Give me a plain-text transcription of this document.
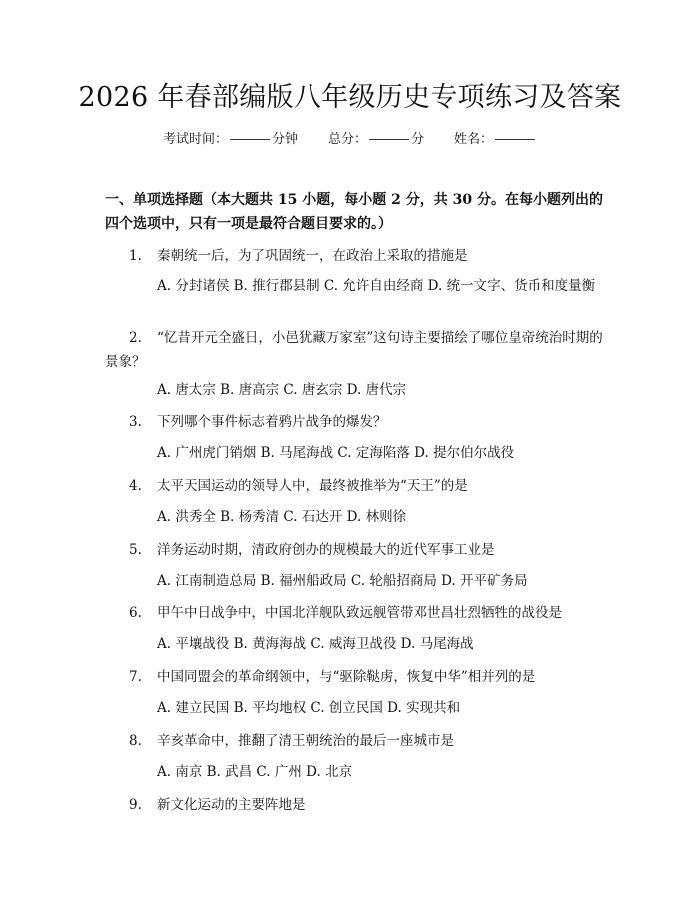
2026 年春部编版八年级历史专项练习及答案
考试时间：	分钟 总分：	分 姓名：
一、单项选择题（本大题共 15 小题，每小题 2 分，共 30 分。在每小题列出的四个选项中，只有一项是最符合题目要求的。）
1. 秦朝统一后，为了巩固统一，在政治上采取的措施是
A. 分封诸侯 B. 推行郡县制 C. 允许自由经商 D. 统一文字、货币和度量衡
2. “忆昔开元全盛日，小邑犹藏万家室”这句诗主要描绘了哪位皇帝统治时期的景象？
A. 唐太宗 B. 唐高宗 C. 唐玄宗 D. 唐代宗
3. 下列哪个事件标志着鸦片战争的爆发？
A. 广州虎门销烟 B. 马尾海战 C. 定海陷落 D. 提尔伯尔战役
4. 太平天国运动的领导人中，最终被推举为“天王”的是
A. 洪秀全 B. 杨秀清 C. 石达开 D. 林则徐
5. 洋务运动时期，清政府创办的规模最大的近代军事工业是
A. 江南制造总局 B. 福州船政局 C. 轮船招商局 D. 开平矿务局
6. 甲午中日战争中，中国北洋舰队致远舰管带邓世昌壮烈牺牲的战役是
A. 平壤战役 B. 黄海海战 C. 威海卫战役 D. 马尾海战
7. 中国同盟会的革命纲领中，与“驱除鞑虏，恢复中华”相并列的是
A. 建立民国 B. 平均地权 C. 创立民国 D. 实现共和
8. 辛亥革命中，推翻了清王朝统治的最后一座城市是
A. 南京 B. 武昌 C. 广州 D. 北京
9. 新文化运动的主要阵地是
